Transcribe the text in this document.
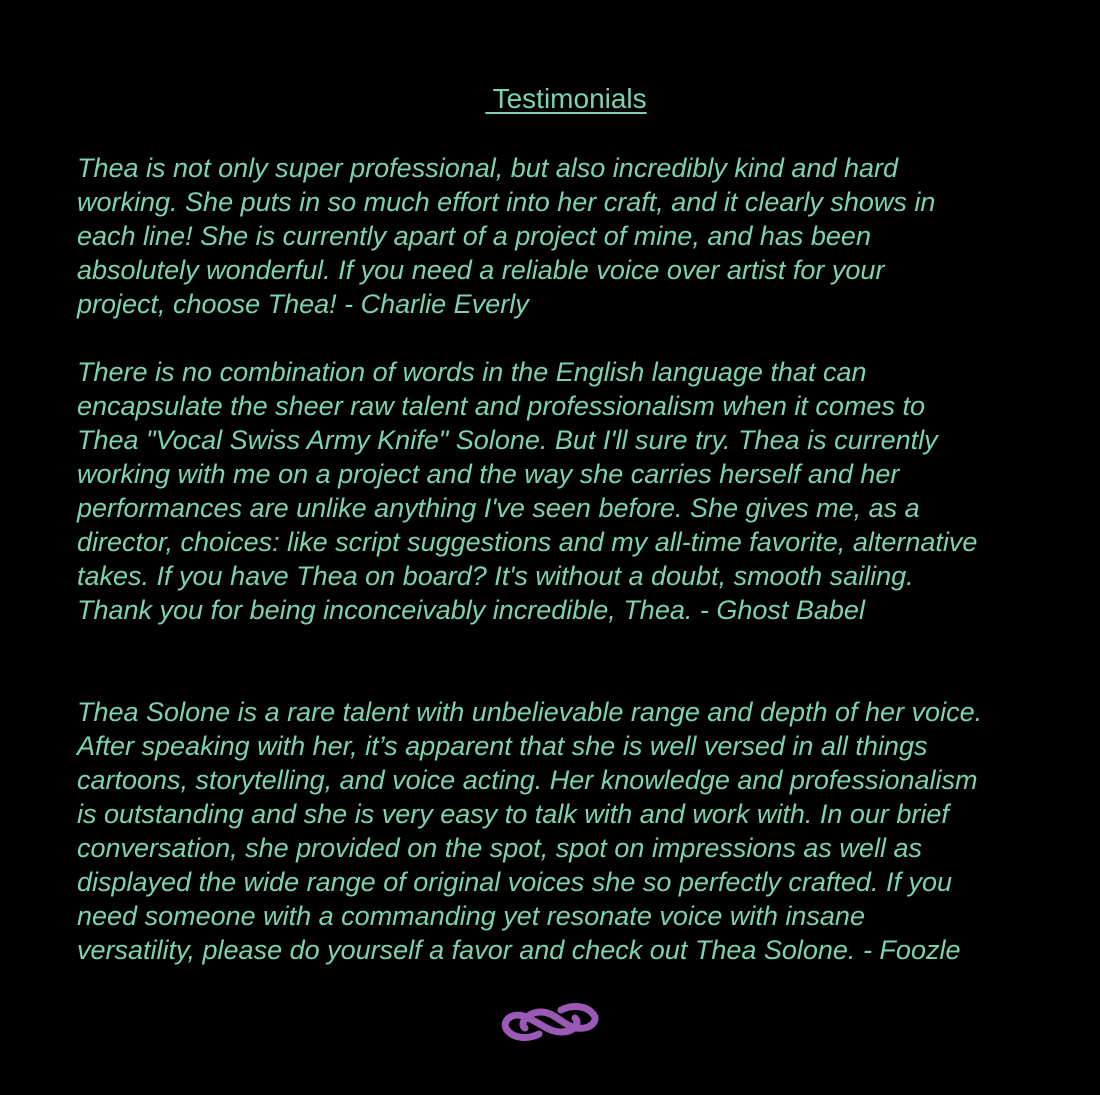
Testimonials

Thea is not only super professional, but also incredibly kind and hard
working. She puts in so much effort into her craft, and it clearly shows in
each line! She is currently apart of a project of mine, and has been
absolutely wonderful. If you need a reliable voice over artist for your
project, choose Thea! - Charlie Everly

There is no combination of words in the English language that can
encapsulate the sheer raw talent and professionalism when it comes to
Thea "Vocal Swiss Army Knife" Solone. But I'll sure try. Thea is currently
working with me on a project and the way she carries herself and her
performances are unlike anything I've seen before. She gives me, as a
director, choices: like script suggestions and my all-time favorite, alternative
takes. If you have Thea on board? It's without a doubt, smooth sailing.
Thank you for being inconceivably incredible, Thea. - Ghost Babel

Thea Solone is a rare talent with unbelievable range and depth of her voice.
After speaking with her, it’s apparent that she is well versed in all things
cartoons, storytelling, and voice acting. Her knowledge and professionalism
is outstanding and she is very easy to talk with and work with. In our brief
conversation, she provided on the spot, spot on impressions as well as
displayed the wide range of original voices she so perfectly crafted. If you
need someone with a commanding yet resonate voice with insane
versatility, please do yourself a favor and check out Thea Solone. - Foozle
